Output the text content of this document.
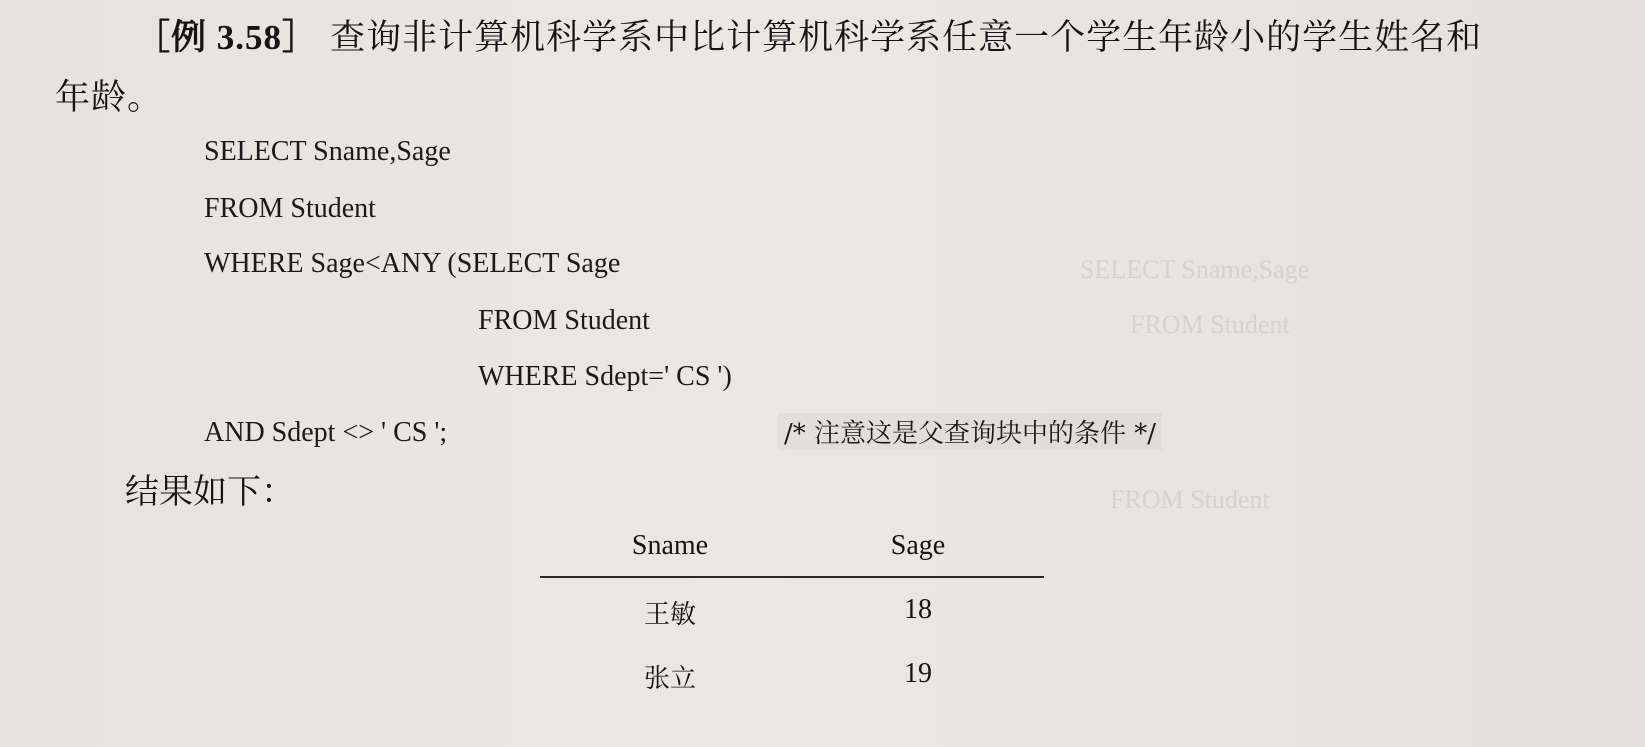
SELECT Sname,Sage
FROM Student
FROM Student
［例 3.58］ 查询非计算机科学系中比计算机科学系任意一个学生年龄小的学生姓名和
年龄。
SELECT Sname,Sage
FROM Student
WHERE Sage<ANY (SELECT Sage
FROM Student
WHERE Sdept=' CS ')
AND Sdept <> ' CS ';	/* 注意这是父查询块中的条件 */
结果如下：
Sname	Sage
王敏	18
张立	19
